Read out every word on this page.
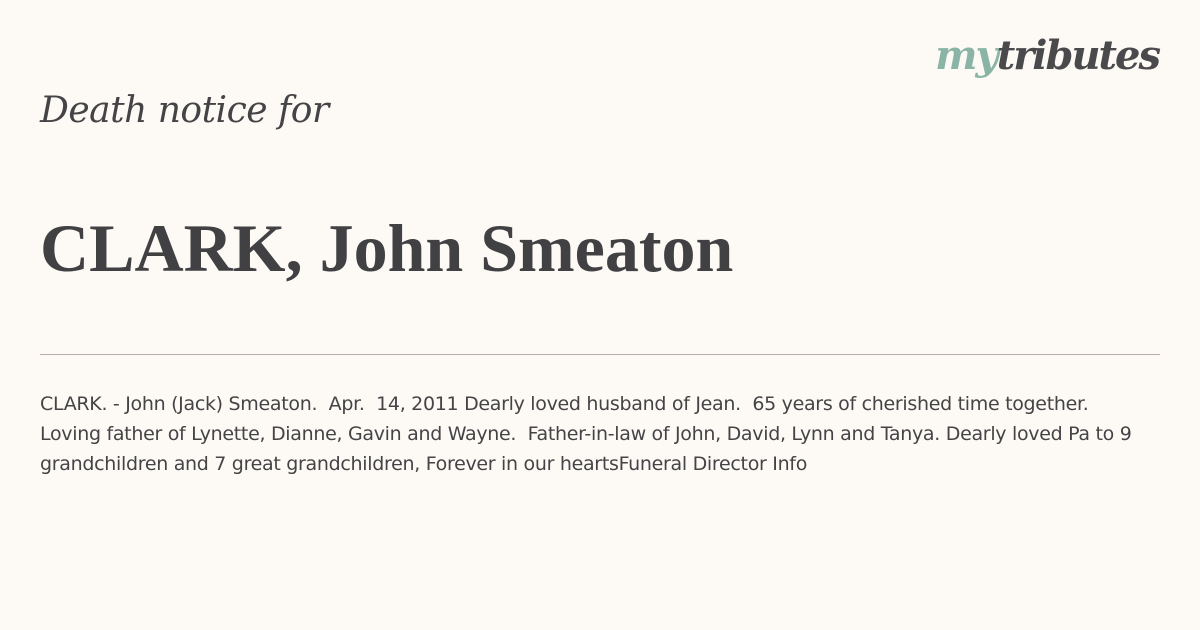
mytributes
Death notice for
CLARK, John Smeaton

CLARK. - John (Jack) Smeaton.  Apr.  14, 2011 Dearly loved husband of Jean.  65 years of cherished time together.  Loving father of Lynette, Dianne, Gavin and Wayne.  Father-in-law of John, David, Lynn and Tanya. Dearly loved Pa to 9 grandchildren and 7 great grandchildren, Forever in our heartsFuneral Director Info
